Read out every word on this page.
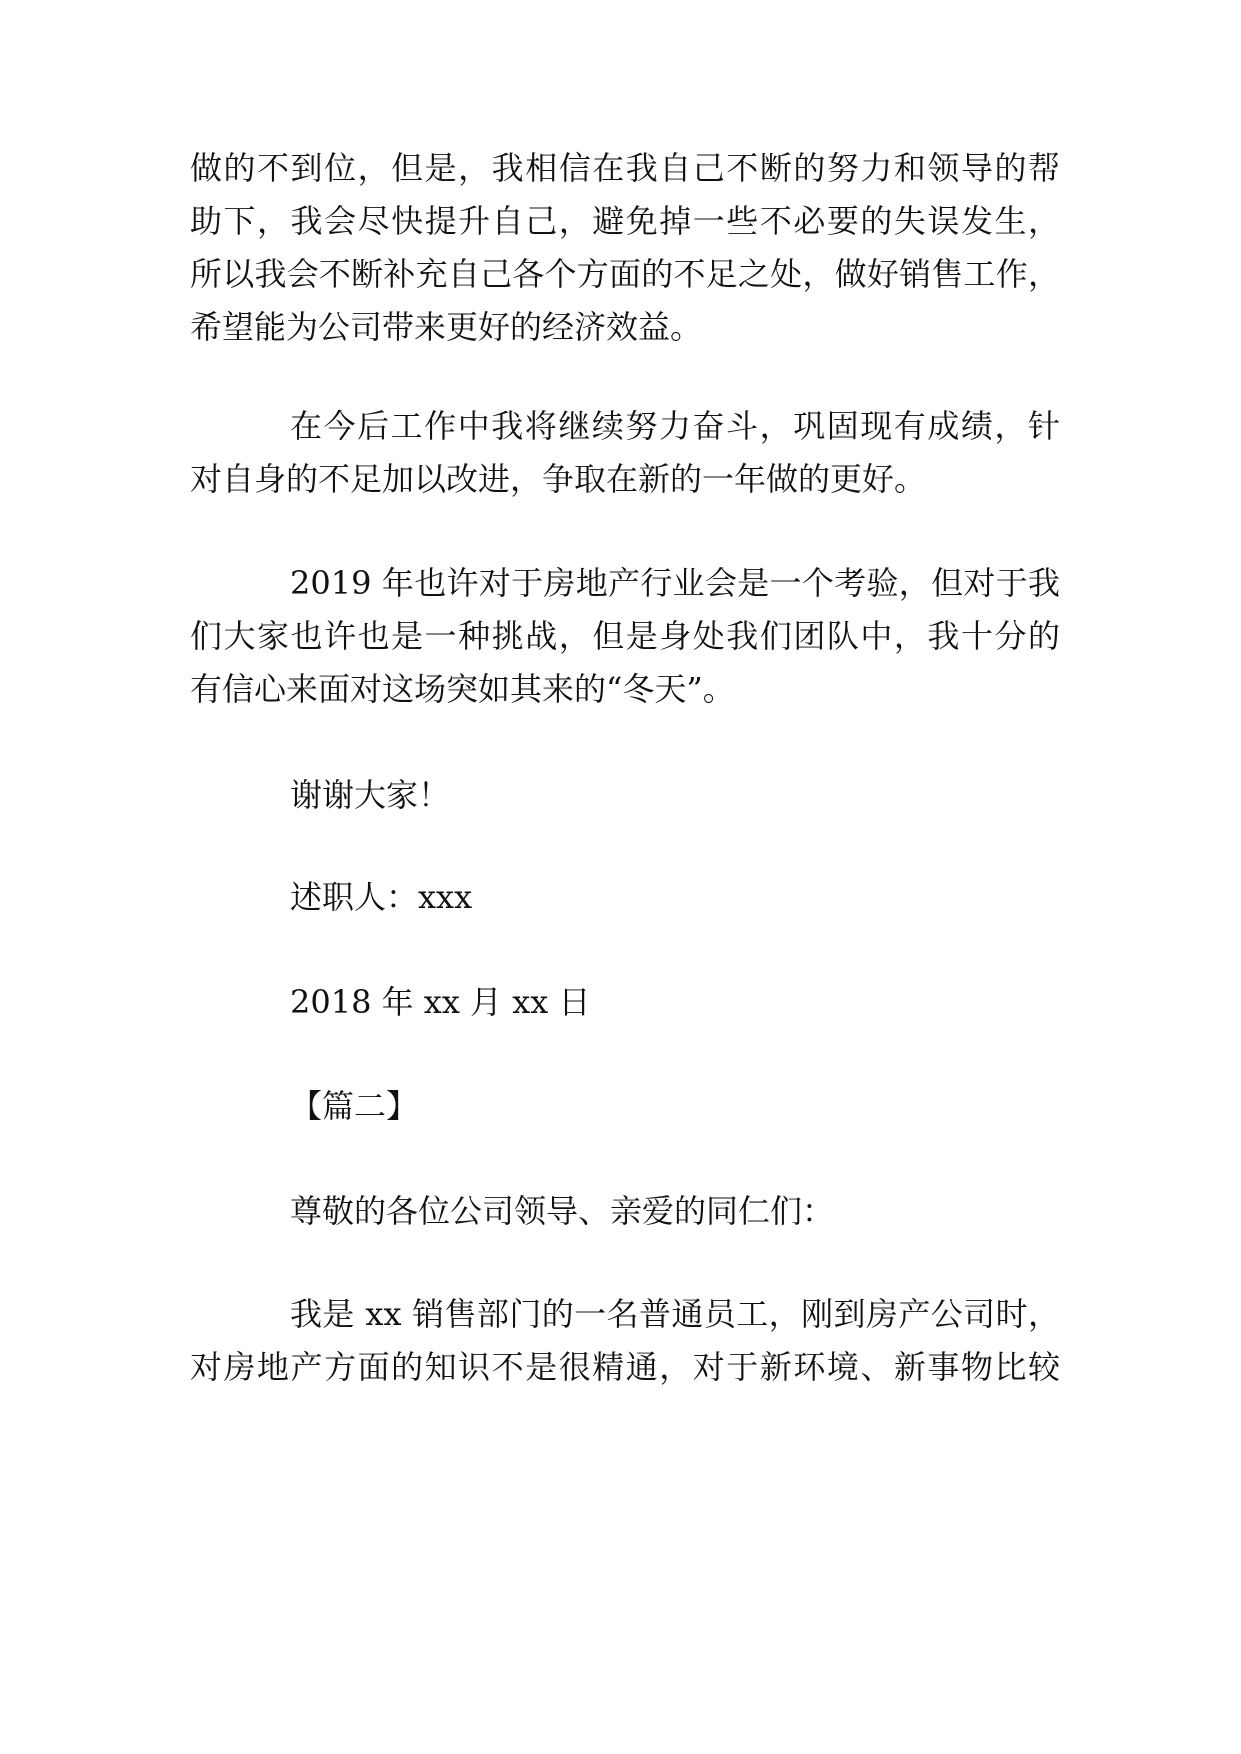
做的不到位，但是，我相信在我自己不断的努力和领导的帮
助下，我会尽快提升自己，避免掉一些不必要的失误发生，
所以我会不断补充自己各个方面的不足之处，做好销售工作，
希望能为公司带来更好的经济效益。
在今后工作中我将继续努力奋斗，巩固现有成绩，针
对自身的不足加以改进，争取在新的一年做的更好。
2019 年也许对于房地产行业会是一个考验，但对于我
们大家也许也是一种挑战，但是身处我们团队中，我十分的
有信心来面对这场突如其来的“冬天”。
谢谢大家！
述职人：xxx
2018 年 xx 月 xx 日
【篇二】
尊敬的各位公司领导、亲爱的同仁们：
我是 xx 销售部门的一名普通员工，刚到房产公司时，
对房地产方面的知识不是很精通，对于新环境、新事物比较
